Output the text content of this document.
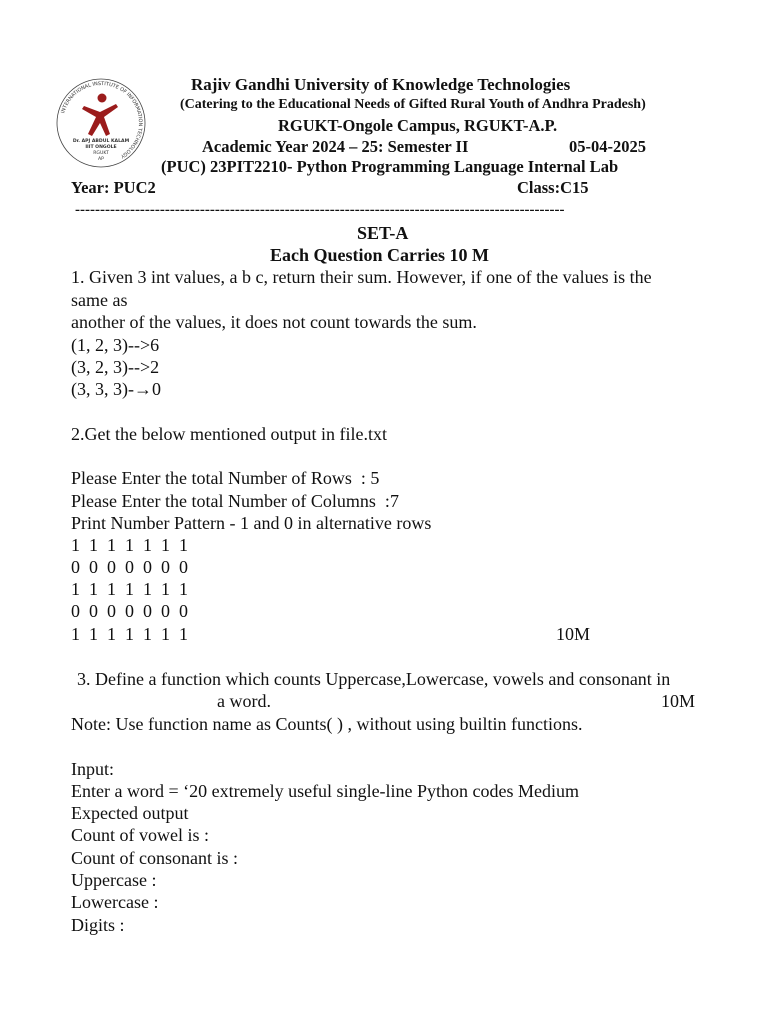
INTERNATIONAL INSTITUTE OF INFORMATION TECHNOLOGY
Dr. APJ ABDUL KALAM
IIIT ONGOLE
RGUKT
AP
Rajiv Gandhi University of Knowledge Technologies
(Catering to the Educational Needs of Gifted Rural Youth of Andhra Pradesh)
RGUKT-Ongole Campus, RGUKT-A.P.
Academic Year 2024 – 25: Semester II	05-04-2025
(PUC) 23PIT2210- Python Programming Language Internal Lab
Year: PUC2	Class:C15
--------------------------------------------------------------------------------------------------
SET-A
Each Question Carries 10 M
1. Given 3 int values, a b c, return their sum. However, if one of the values is the
same as
another of the values, it does not count towards the sum.
(1, 2, 3)-->6
(3, 2, 3)-->2
(3, 3, 3)-→0
2.Get the below mentioned output in file.txt
Please Enter the total Number of Rows  : 5
Please Enter the total Number of Columns  :7
Print Number Pattern - 1 and 0 in alternative rows
1  1  1  1  1  1  1
0  0  0  0  0  0  0
1  1  1  1  1  1  1
0  0  0  0  0  0  0
1  1  1  1  1  1  1	10M
3. Define a function which counts Uppercase,Lowercase, vowels and consonant in
a word.	10M
Note: Use function name as Counts( ) , without using builtin functions.
Input:
Enter a word = ‘20 extremely useful single-line Python codes Medium
Expected output
Count of vowel is :
Count of consonant is :
Uppercase :
Lowercase :
Digits :
